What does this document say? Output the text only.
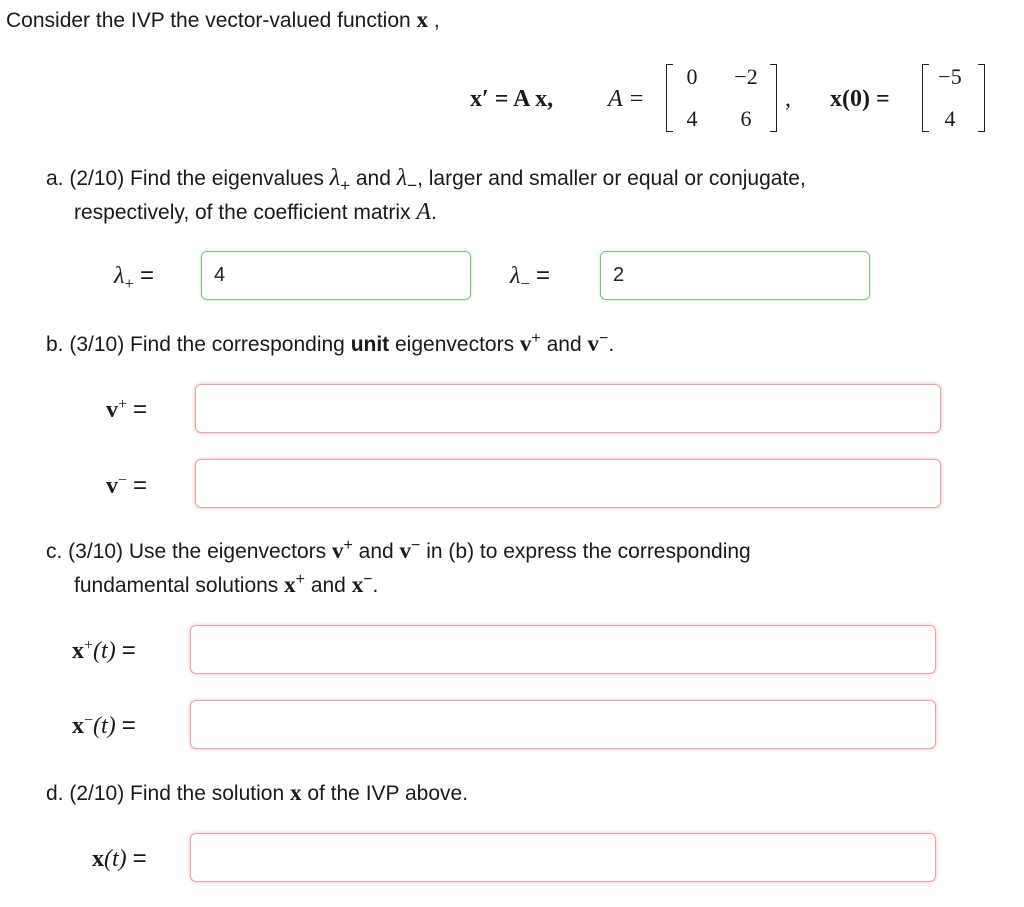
Consider the IVP the vector-valued function x ,
x′ = A x, A =
0	−2
4	6
, x(0) =
−5
4
a. (2/10) Find the eigenvalues $\lambda_+$ and $\lambda_-$, larger and smaller or equal or conjugate,
respectively, of the coefficient matrix A.
$\lambda_+$ =
4	$\lambda_-$ =
2
b. (3/10) Find the corresponding unit eigenvectors v+ and v−.
v+ =
v− =
c. (3/10) Use the eigenvectors v+ and v− in (b) to express the corresponding
fundamental solutions x+ and x−.
x+(t) =
x−(t) =
d. (2/10) Find the solution x of the IVP above.
x(t) =
